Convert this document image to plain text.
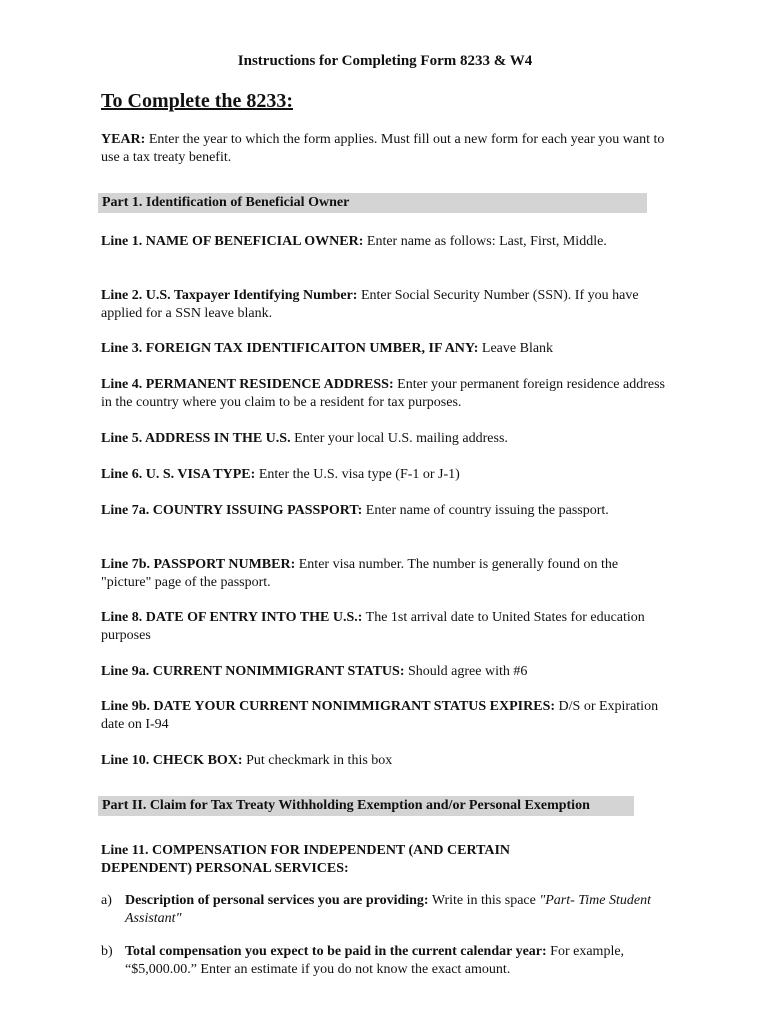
Instructions for Completing Form 8233 & W4
To Complete the 8233:
YEAR: Enter the year to which the form applies. Must fill out a new form for each year you want to use a tax treaty benefit.
Part 1. Identification of Beneficial Owner
Line 1. NAME OF BENEFICIAL OWNER: Enter name as follows: Last, First, Middle.
Line 2. U.S. Taxpayer Identifying Number: Enter Social Security Number (SSN). If you have applied for a SSN leave blank.
Line 3. FOREIGN TAX IDENTIFICAITON UMBER, IF ANY: Leave Blank
Line 4. PERMANENT RESIDENCE ADDRESS: Enter your permanent foreign residence address in the country where you claim to be a resident for tax purposes.
Line 5. ADDRESS IN THE U.S. Enter your local U.S. mailing address.
Line 6. U. S. VISA TYPE: Enter the U.S. visa type (F-1 or J-1)
Line 7a. COUNTRY ISSUING PASSPORT: Enter name of country issuing the passport.
Line 7b. PASSPORT NUMBER: Enter visa number. The number is generally found on the "picture" page of the passport.
Line 8. DATE OF ENTRY INTO THE U.S.: The 1st arrival date to United States for education purposes
Line 9a. CURRENT NONIMMIGRANT STATUS: Should agree with #6
Line 9b. DATE YOUR CURRENT NONIMMIGRANT STATUS EXPIRES: D/S or Expiration date on I-94
Line 10. CHECK BOX: Put checkmark in this box
Part II. Claim for Tax Treaty Withholding Exemption and/or Personal Exemption
Line 11. COMPENSATION FOR INDEPENDENT (AND CERTAIN DEPENDENT) PERSONAL SERVICES:
a) Description of personal services you are providing: Write in this space "Part- Time Student Assistant"
b) Total compensation you expect to be paid in the current calendar year: For example, “$5,000.00.” Enter an estimate if you do not know the exact amount.
